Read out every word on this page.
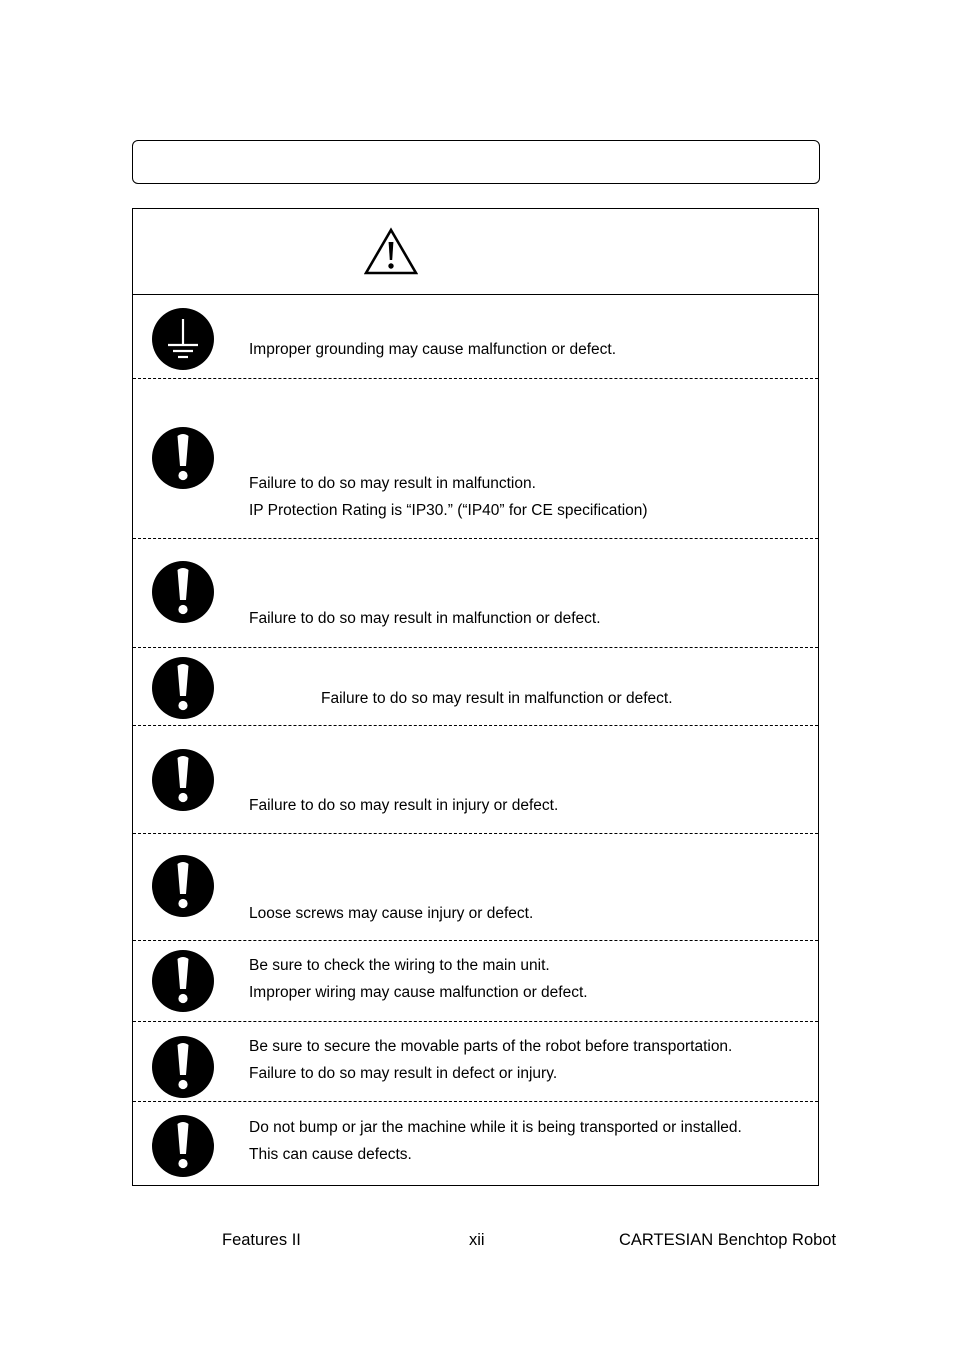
Improper grounding may cause malfunction or defect.
Failure to do so may result in malfunction.
IP Protection Rating is “IP30.” (“IP40” for CE specification)
Failure to do so may result in malfunction or defect.
Failure to do so may result in malfunction or defect.
Failure to do so may result in injury or defect.
Loose screws may cause injury or defect.
Be sure to check the wiring to the main unit.
Improper wiring may cause malfunction or defect.
Be sure to secure the movable parts of the robot before transportation.
Failure to do so may result in defect or injury.
Do not bump or jar the machine while it is being transported or installed.
This can cause defects.
Features II	xii	CARTESIAN Benchtop Robot
